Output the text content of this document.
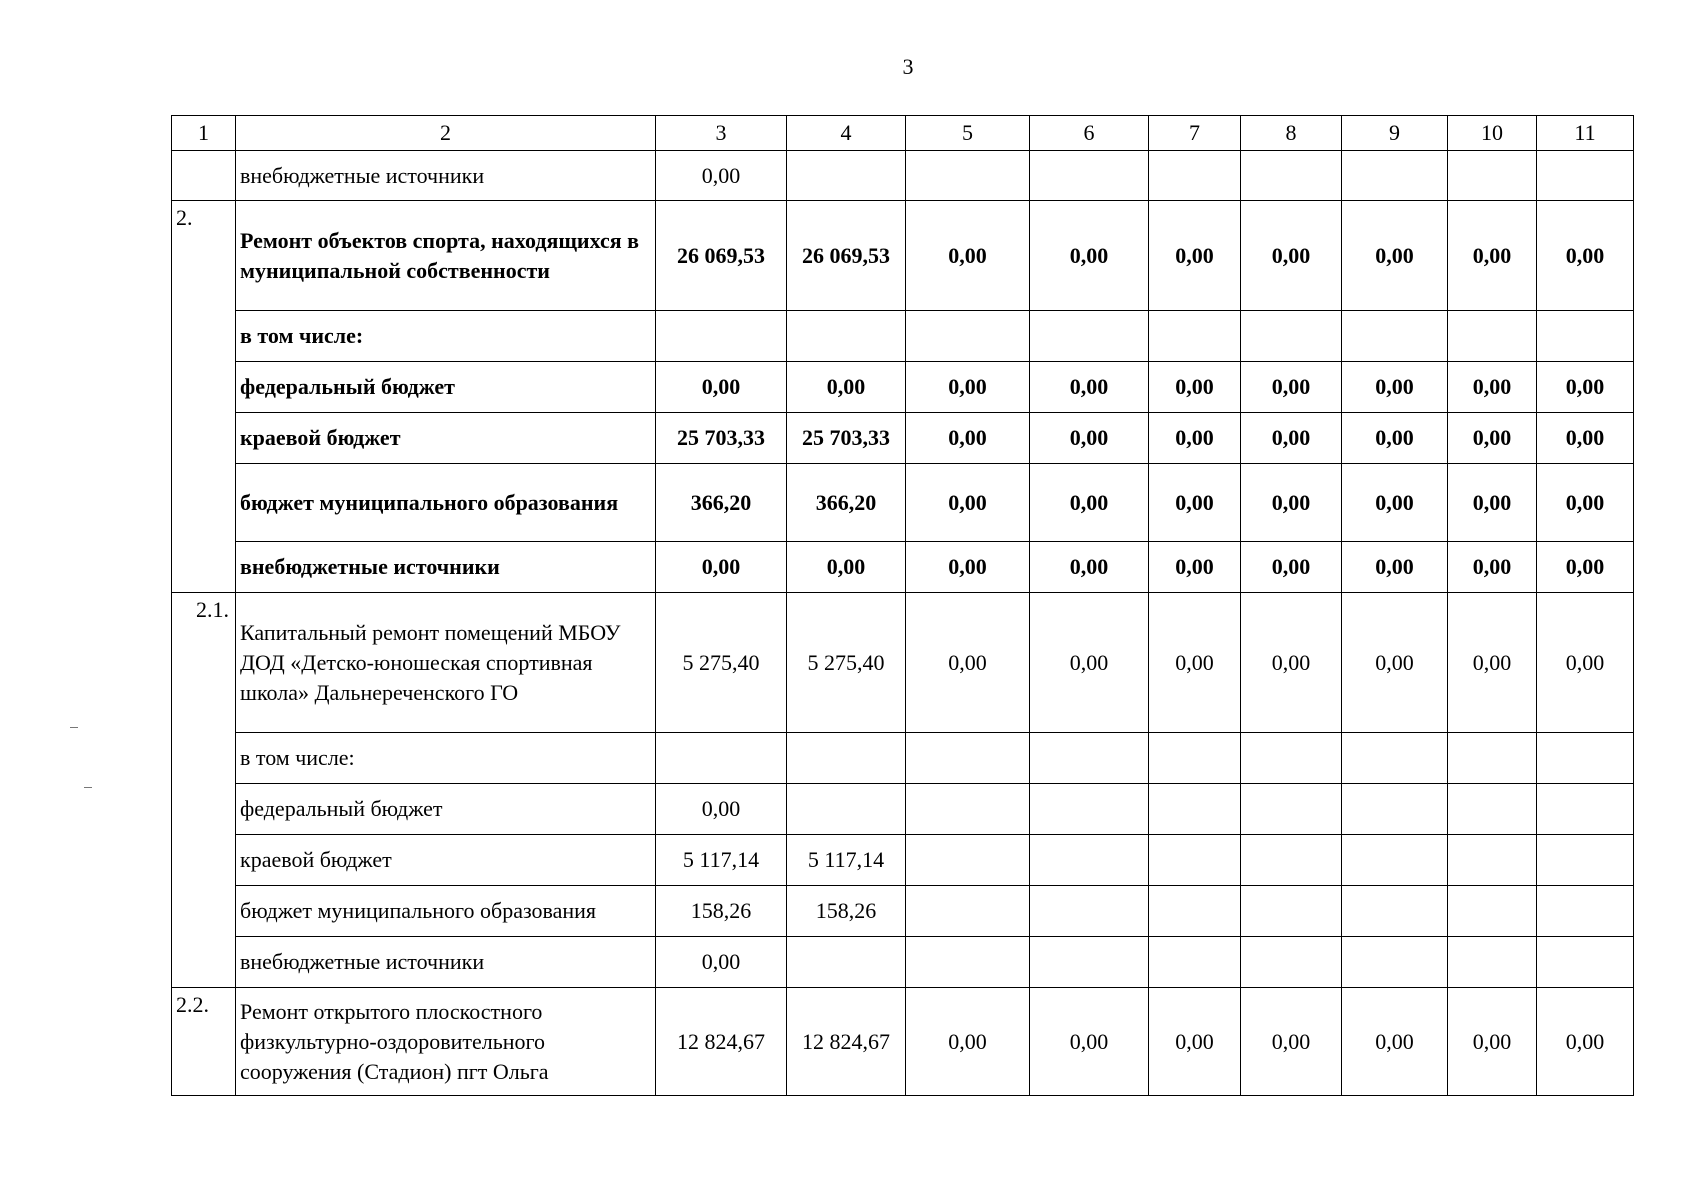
3
1	2	3	4	5	6	7	8	9	10	11
	внебюджетные источники	0,00								
2.	Ремонт объектов спорта, находящихся в муниципальной собственности	26 069,53	26 069,53	0,00	0,00	0,00	0,00	0,00	0,00	0,00
	в том числе:									
	федеральный бюджет	0,00	0,00	0,00	0,00	0,00	0,00	0,00	0,00	0,00
	краевой бюджет	25 703,33	25 703,33	0,00	0,00	0,00	0,00	0,00	0,00	0,00
	бюджет муниципального образования	366,20	366,20	0,00	0,00	0,00	0,00	0,00	0,00	0,00
	внебюджетные источники	0,00	0,00	0,00	0,00	0,00	0,00	0,00	0,00	0,00
2.1.	Капитальный ремонт помещений МБОУ ДОД «Детско-юношеская спортивная школа» Дальнереченского ГО	5 275,40	5 275,40	0,00	0,00	0,00	0,00	0,00	0,00	0,00
	в том числе:									
	федеральный бюджет	0,00								
	краевой бюджет	5 117,14	5 117,14							
	бюджет муниципального образования	158,26	158,26							
	внебюджетные источники	0,00								
2.2.	Ремонт открытого плоскостного физкультурно-оздоровительного сооружения (Стадион) пгт Ольга	12 824,67	12 824,67	0,00	0,00	0,00	0,00	0,00	0,00	0,00
